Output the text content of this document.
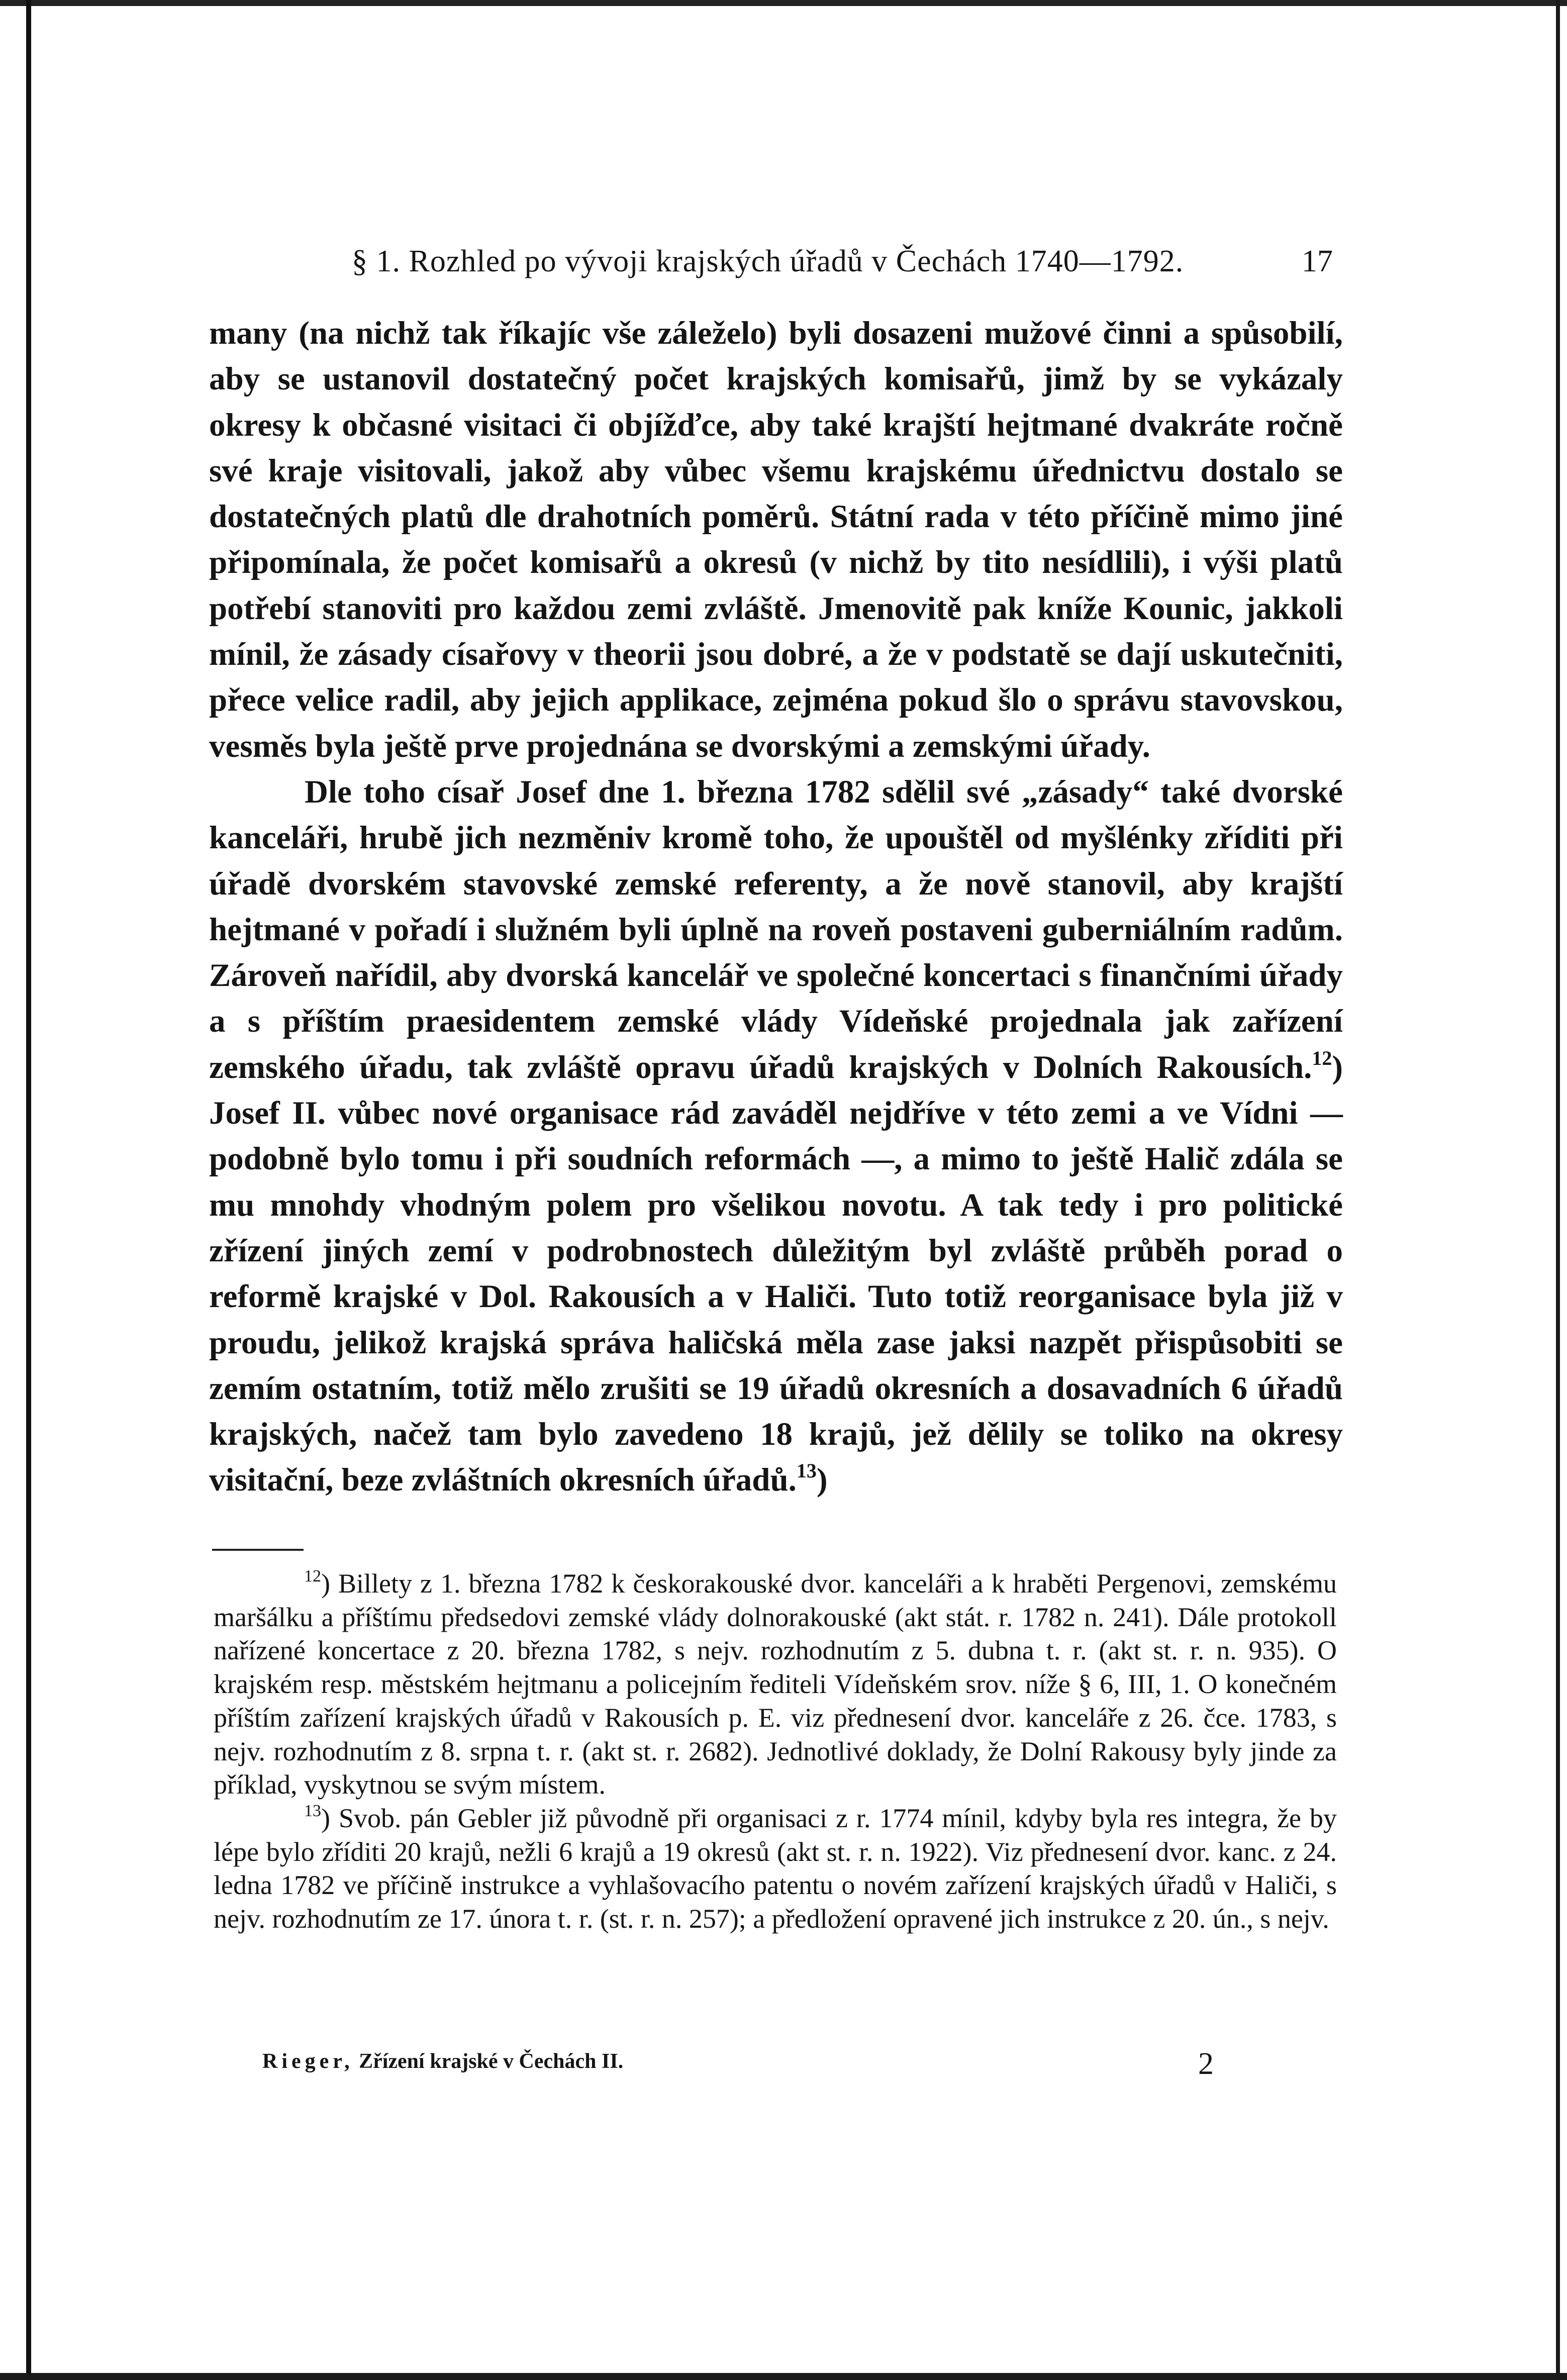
§ 1. Rozhled po vývoji krajských úřadů v Čechách 1740—1792.	17

many (na nichž tak říkajíc vše záleželo) byli dosazeni mužové činni a spůsobilí, aby se ustanovil dostatečný počet krajských komisařů, jimž by se vykázaly okresy k občasné visitaci či objížďce, aby také krajští hejtmané dvakráte ročně své kraje visitovali, jakož aby vůbec všemu krajskému úřednictvu dostalo se dostatečných platů dle drahotních poměrů. Státní rada v této příčině mimo jiné připomínala, že počet komisařů a okresů (v nichž by tito nesídlili), i výši platů potřebí stanoviti pro každou zemi zvláště. Jmenovitě pak kníže Kounic, jakkoli mínil, že zásady císařovy v theorii jsou dobré, a že v podstatě se dají uskutečniti, přece velice radil, aby jejich applikace, zejména pokud šlo o správu stavovskou, vesměs byla ještě prve projednána se dvorskými a zemskými úřady.

Dle toho císař Josef dne 1. března 1782 sdělil své „zásady“ také dvorské kanceláři, hrubě jich nezměniv kromě toho, že upouštěl od myšlénky zříditi při úřadě dvorském stavovské zemské referenty, a že nově stanovil, aby krajští hejtmané v pořadí i služném byli úplně na roveň postaveni guberniálním radům. Zároveň nařídil, aby dvorská kancelář ve společné koncertaci s finančními úřady a s příštím praesidentem zemské vlády Vídeňské projednala jak zařízení zemského úřadu, tak zvláště opravu úřadů krajských v Dolních Rakousích.$^{12}$) Josef II. vůbec nové organisace rád zaváděl nejdříve v této zemi a ve Vídni — podobně bylo tomu i při soudních reformách —, a mimo to ještě Halič zdála se mu mnohdy vhodným polem pro všelikou novotu. A tak tedy i pro politické zřízení jiných zemí v podrobnostech důležitým byl zvláště průběh porad o reformě krajské v Dol. Rakousích a v Haliči. Tuto totiž reorganisace byla již v proudu, jelikož krajská správa haličská měla zase jaksi nazpět přispůsobiti se zemím ostatním, totiž mělo zrušiti se 19 úřadů okresních a dosavadních 6 úřadů krajských, načež tam bylo zavedeno 18 krajů, jež dělily se toliko na okresy visitační, beze zvláštních okresních úřadů.$^{13}$)

$^{12}$) Billety z 1. března 1782 k českorakouské dvor. kanceláři a k hraběti Pergenovi, zemskému maršálku a příštímu předsedovi zemské vlády dolnorakouské (akt stát. r. 1782 n. 241). Dále protokoll nařízené koncertace z 20. března 1782, s nejv. rozhodnutím z 5. dubna t. r. (akt st. r. n. 935). O krajském resp. městském hejtmanu a policejním řediteli Vídeňském srov. níže § 6, III, 1. O konečném příštím zařízení krajských úřadů v Rakousích p. E. viz přednesení dvor. kanceláře z 26. čce. 1783, s nejv. rozhodnutím z 8. srpna t. r. (akt st. r. 2682). Jednotlivé doklady, že Dolní Rakousy byly jinde za příklad, vyskytnou se svým místem.

$^{13}$) Svob. pán Gebler již původně při organisaci z r. 1774 mínil, kdyby byla res integra, že by lépe bylo zříditi 20 krajů, nežli 6 krajů a 19 okresů (akt st. r. n. 1922). Viz přednesení dvor. kanc. z 24. ledna 1782 ve příčině instrukce a vyhlašovacího patentu o novém zařízení krajských úřadů v Haliči, s nejv. rozhodnutím ze 17. února t. r. (st. r. n. 257); a předložení opravené jich instrukce z 20. ún., s nejv.

Rieger, Zřízení krajské v Čechách II.	2
